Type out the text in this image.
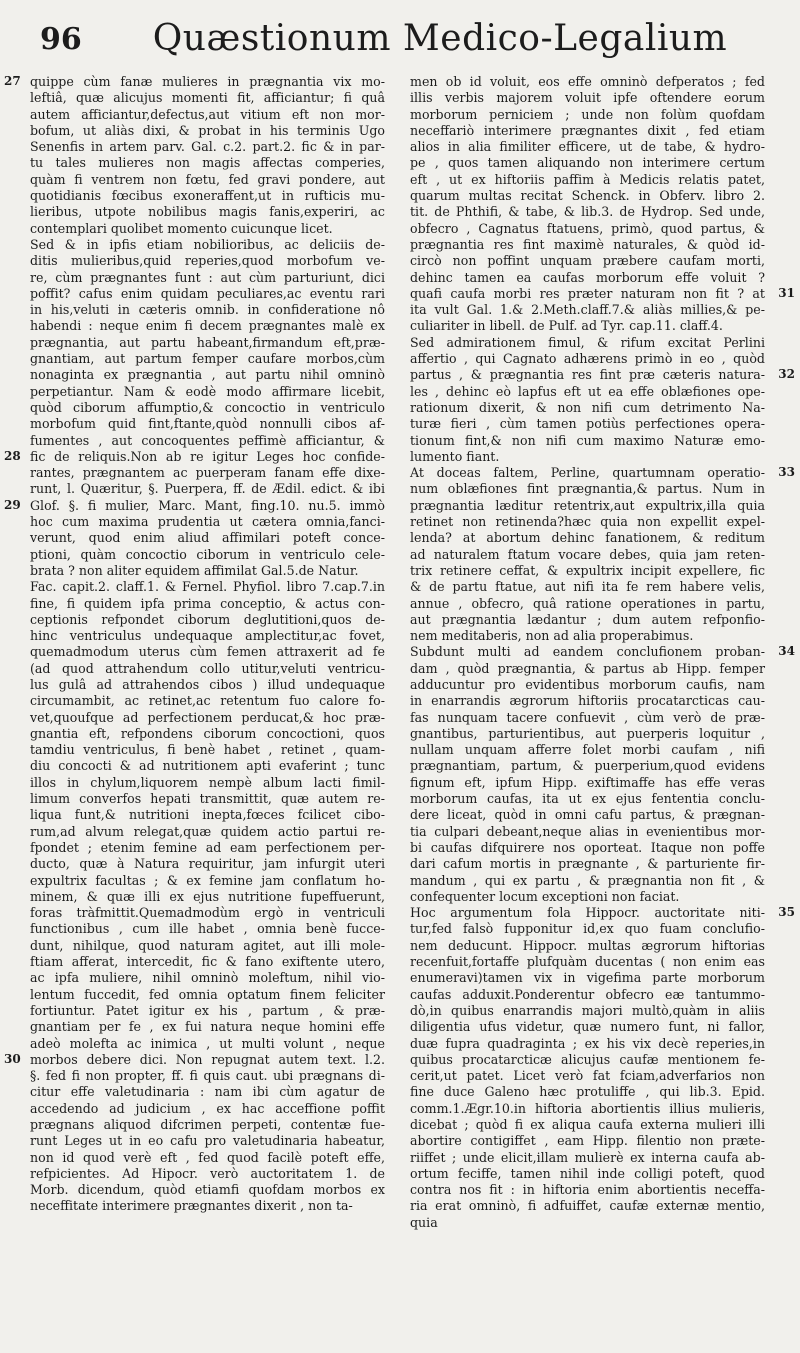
96	Quæstionum Medico-Legalium
quippe cùm fanæ mulieres in prægnantia vix mo-
27
leftiâ, quæ alicujus momenti fit, afficiantur; fi quâ
autem afficiantur,defectus,aut vitium eft non mor-
bofum, ut aliàs dixi, & probat in his terminis Ugo
Senenfis in artem parv. Gal. c.2. part.2. fic & in par-
tu tales mulieres non magis affectas comperies,
quàm fi ventrem non fœtu, fed gravi pondere, aut
quotidianis fœcibus exoneraffent,ut in rufticis mu-
lieribus, utpote nobilibus magis fanis,experiri, ac
contemplari quolibet momento cuicunque licet.
Sed & in ipfis etiam nobilioribus, ac deliciis de-
ditis mulieribus,quid reperies,quod morbofum ve-
re, cùm prægnantes funt : aut cùm parturiunt, dici
poffit? cafus enim quidam peculiares,ac eventu rari
in his,veluti in cæteris omnib. in confideratione nô
habendi : neque enim fi decem prægnantes malè ex
prægnantia, aut partu habeant,firmandum eft,præ-
gnantiam, aut partum femper caufare morbos,cùm
nonaginta ex prægnantia , aut partu nihil omninò
perpetiantur. Nam & eodè modo affirmare licebit,
quòd ciborum affumptio,& concoctio in ventriculo
morbofum quid fint,ftante,quòd nonnulli cibos af-
fumentes , aut concoquentes peffimè afficiantur, &
fic de reliquis.Non ab re igitur Leges hoc confide-
28
rantes, prægnantem ac puerperam fanam effe dixe-
runt, l. Quæritur, §. Puerpera, ff. de Ædil. edict. & ibi
Glof. §. fi mulier, Marc. Mant, fing.10. nu.5. immò
29
hoc cum maxima prudentia ut cætera omnia,fanci-
verunt, quod enim aliud affimilari poteft conce-
ptioni, quàm concoctio ciborum in ventriculo cele-
brata ? non aliter equidem affimilat Gal.5.de Natur.
Fac. capit.2. claff.1. & Fernel. Phyfiol. libro 7.cap.7.in
fine, fi quidem ipfa prima conceptio, & actus con-
ceptionis refpondet ciborum deglutitioni,quos de-
hinc ventriculus undequaque amplectitur,ac fovet,
quemadmodum uterus cùm femen attraxerit ad fe
(ad quod attrahendum collo utitur,veluti ventricu-
lus gulâ ad attrahendos cibos ) illud undequaque
circumambit, ac retinet,ac retentum fuo calore fo-
vet,quoufque ad perfectionem perducat,& hoc præ-
gnantia eft, refpondens ciborum concoctioni, quos
tamdiu ventriculus, fi benè habet , retinet , quam-
diu concocti & ad nutritionem apti evaferint ; tunc
illos in chylum,liquorem nempè album lacti fimil-
limum converfos hepati transmittit, quæ autem re-
liqua funt,& nutritioni inepta,fœces fcilicet cibo-
rum,ad alvum relegat,quæ quidem actio partui re-
fpondet ; etenim femine ad eam perfectionem per-
ducto, quæ à Natura requiritur, jam infurgit uteri
expultrix facultas ; & ex femine jam conflatum ho-
minem, & quæ illi ex ejus nutritione fupeffuerunt,
foras tràfmittit.Quemadmodùm ergò in ventriculi
functionibus , cum ille habet , omnia benè fucce-
dunt, nihilque, quod naturam agitet, aut illi mole-
ftiam afferat, intercedit, fic & fano exiftente utero,
ac ipfa muliere, nihil omninò moleftum, nihil vio-
lentum fuccedit, fed omnia optatum finem feliciter
fortiuntur. Patet igitur ex his , partum , & præ-
gnantiam per fe , ex fui natura neque homini effe
adeò molefta ac inimica , ut multi volunt , neque
morbos debere dici. Non repugnat autem text. l.2.
30
§. fed fi non propter, ff. fi quis caut. ubi prægnans di-
citur effe valetudinaria : nam ibi cùm agatur de
accedendo ad judicium , ex hac acceffione poffit
prægnans aliquod difcrimen perpeti, contentæ fue-
runt Leges ut in eo cafu pro valetudinaria habeatur,
non id quod verè eft , fed quod facilè poteft effe,
refpicientes. Ad Hipocr. verò auctoritatem 1. de
Morb. dicendum, quòd etiamfi quofdam morbos ex
neceffitate interimere prægnantes dixerit , non ta-
men ob id voluit, eos effe omninò defperatos ; fed
illis verbis majorem voluit ipfe oftendere eorum
morborum perniciem ; unde non folùm quofdam
neceffariò interimere prægnantes dixit , fed etiam
alios in alia fimiliter efficere, ut de tabe, & hydro-
pe , quos tamen aliquando non interimere certum
eft , ut ex hiftoriis paffim à Medicis relatis patet,
quarum multas recitat Schenck. in Obferv. libro 2.
tit. de Phthifi, & tabe, & lib.3. de Hydrop. Sed unde,
obfecro , Cagnatus ftatuens, primò, quod partus, &
prægnantia res fint maximè naturales, & quòd id-
circò non poffint unquam præbere caufam morti,
dehinc tamen ea caufas morborum effe voluit ?
quafi caufa morbi res præter naturam non fit ? at 31
ita vult Gal. 1.& 2.Meth.claff.7.& aliàs millies,& pe-
culiariter in libell. de Pulf. ad Tyr. cap.11. claff.4.
Sed admirationem fimul, & rifum excitat Perlini
affertio , qui Cagnato adhærens primò in eo , quòd
partus , & prægnantia res fint præ cæteris natura- 32
les , dehinc eò lapfus eft ut ea effe oblæfiones ope-
rationum dixerit, & non nifi cum detrimento Na-
turæ fieri , cùm tamen potiùs perfectiones opera-
tionum fint,& non nifi cum maximo Naturæ emo-
lumento fiant.
At doceas faltem, Perline, quartumnam operatio- 33
num oblæfiones fint prægnantia,& partus. Num in
prægnantia læditur retentrix,aut expultrix,illa quia
retinet non retinenda?hæc quia non expellit expel-
lenda? at abortum dehinc fanationem, & reditum
ad naturalem ftatum vocare debes, quia jam reten-
trix retinere ceffat, & expultrix incipit expellere, fic
& de partu ftatue, aut nifi ita fe rem habere velis,
annue , obfecro, quâ ratione operationes in partu,
aut prægnantia lædantur ; dum autem refponfio-
nem meditaberis, non ad alia properabimus.
Subdunt multi ad eandem conclufionem proban- 34
dam , quòd prægnantia, & partus ab Hipp. femper
adducuntur pro evidentibus morborum caufis, nam
in enarrandis ægrorum hiftoriis procatarcticas cau-
fas nunquam tacere confuevit , cùm verò de præ-
gnantibus, parturientibus, aut puerperis loquitur ,
nullam unquam afferre folet morbi caufam , nifi
prægnantiam, partum, & puerperium,quod evidens
fignum eft, ipfum Hipp. exiftimaffe has effe veras
morborum caufas, ita ut ex ejus fententia conclu-
dere liceat, quòd in omni cafu partus, & prægnan-
tia culpari debeant,neque alias in evenientibus mor-
bi caufas difquirere nos oporteat. Itaque non poffe
dari cafum mortis in prægnante , & parturiente fir-
mandum , qui ex partu , & prægnantia non fit , &
confequenter locum exceptioni non faciat.
Hoc argumentum fola Hippocr. auctoritate niti- 35
tur,fed falsò fupponitur id,ex quo fuam conclufio-
nem deducunt. Hippocr. multas ægrorum hiftorias
recenfuit,fortaffe plufquàm ducentas ( non enim eas
enumeravi)tamen vix in vigefima parte morborum
caufas adduxit.Ponderentur obfecro eæ tantummo-
dò,in quibus enarrandis majori multò,quàm in aliis
diligentia ufus videtur, quæ numero funt, ni fallor,
duæ fupra quadraginta ; ex his vix decè reperies,in
quibus procatarcticæ alicujus caufæ mentionem fe-
cerit,ut patet. Licet verò fat fciam,adverfarios non
fine duce Galeno hæc protuliffe , qui lib.3. Epid.
comm.1.Ægr.10.in hiftoria abortientis illius mulieris,
dicebat ; quòd fi ex aliqua caufa externa mulieri illi
abortire contigiffet , eam Hipp. filentio non præte-
riiffet ; unde elicit,illam mulierè ex interna caufa ab-
ortum feciffe, tamen nihil inde colligi poteft, quod
contra nos fit : in hiftoria enim abortientis neceffa-
ria erat omninò, fi adfuiffet, caufæ externæ mentio,
quia
